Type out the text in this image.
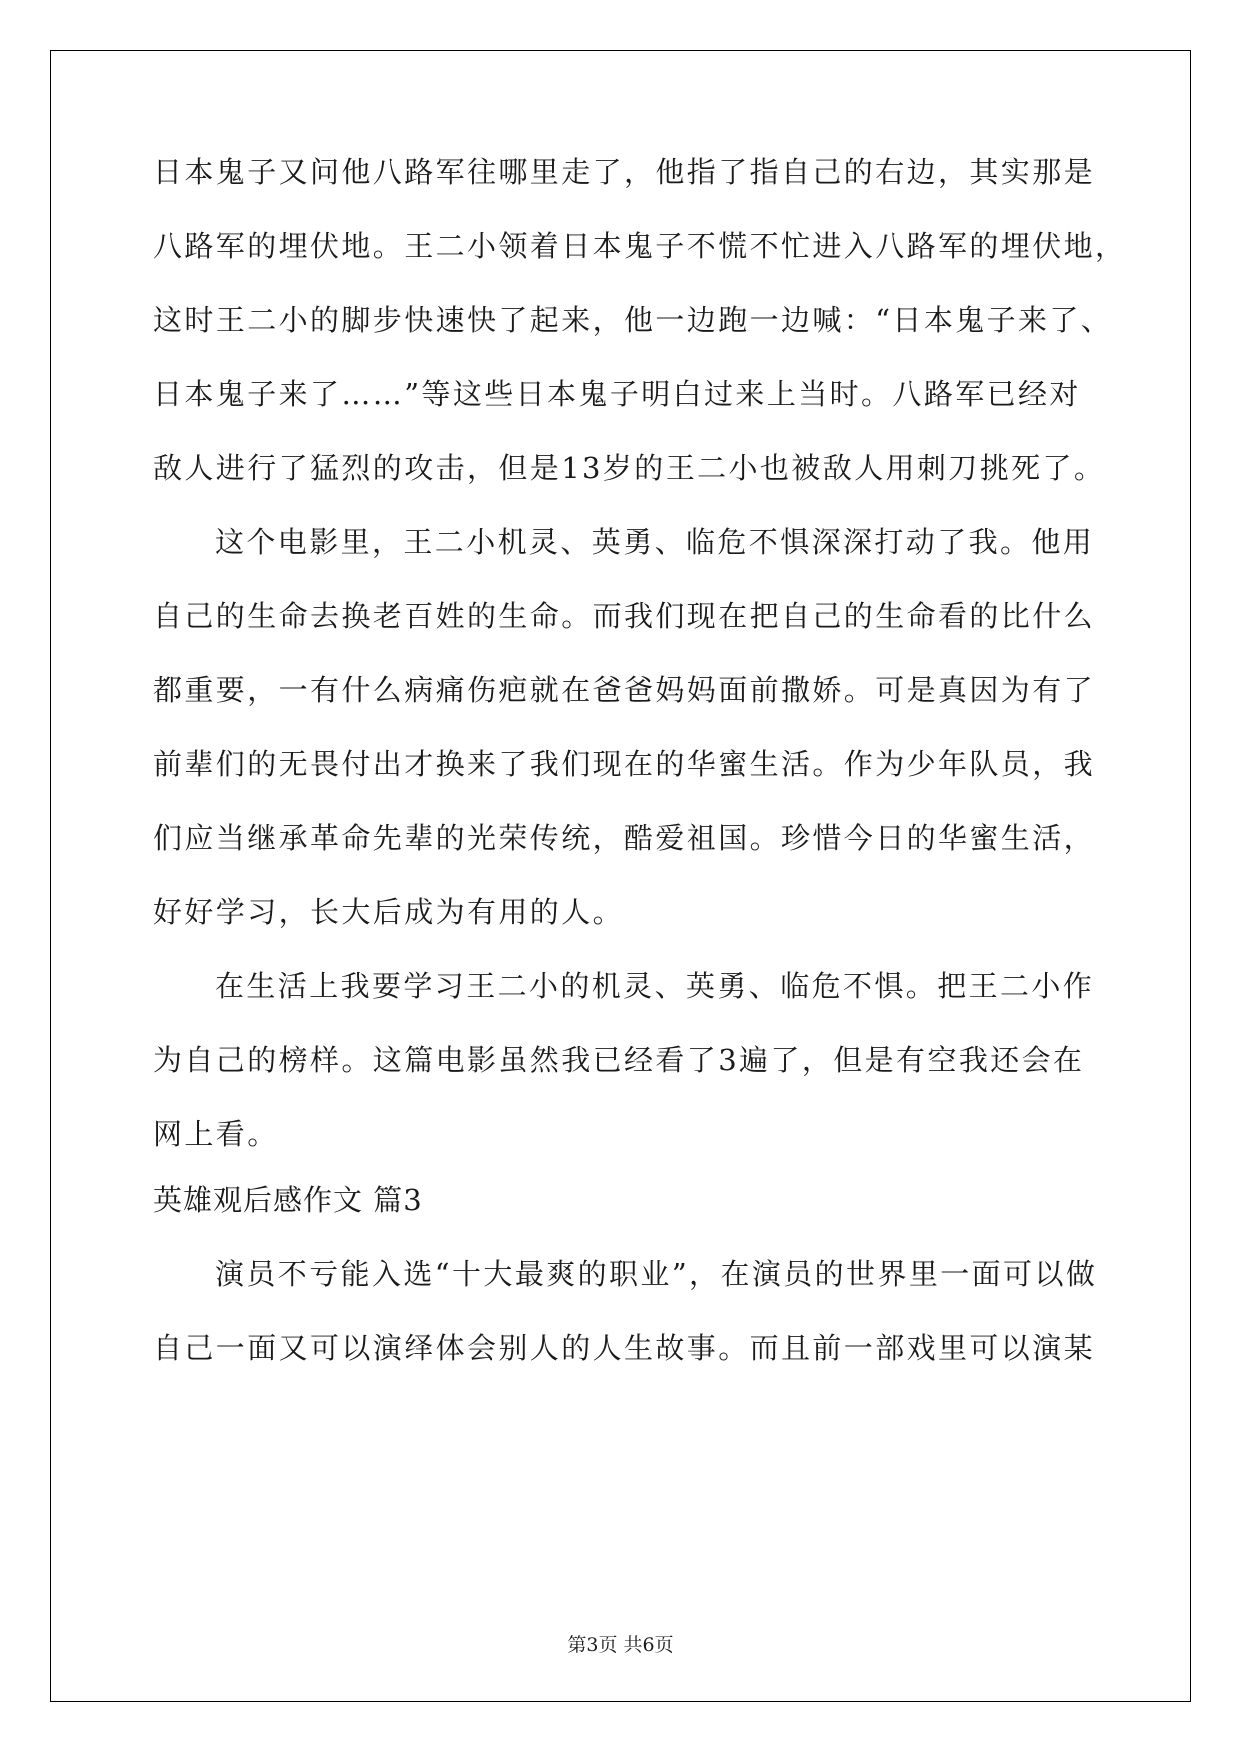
日本鬼子又问他八路军往哪里走了，他指了指自己的右边，其实那是
八路军的埋伏地。王二小领着日本鬼子不慌不忙进入八路军的埋伏地，
这时王二小的脚步快速快了起来，他一边跑一边喊：“日本鬼子来了、
日本鬼子来了……”等这些日本鬼子明白过来上当时。八路军已经对
敌人进行了猛烈的攻击，但是13岁的王二小也被敌人用刺刀挑死了。
这个电影里，王二小机灵、英勇、临危不惧深深打动了我。他用
自己的生命去换老百姓的生命。而我们现在把自己的生命看的比什么
都重要，一有什么病痛伤疤就在爸爸妈妈面前撒娇。可是真因为有了
前辈们的无畏付出才换来了我们现在的华蜜生活。作为少年队员，我
们应当继承革命先辈的光荣传统，酷爱祖国。珍惜今日的华蜜生活，
好好学习，长大后成为有用的人。
在生活上我要学习王二小的机灵、英勇、临危不惧。把王二小作
为自己的榜样。这篇电影虽然我已经看了3遍了，但是有空我还会在
网上看。
英雄观后感作文 篇3
演员不亏能入选“十大最爽的职业”，在演员的世界里一面可以做
自己一面又可以演绎体会别人的人生故事。而且前一部戏里可以演某
第3页 共6页
